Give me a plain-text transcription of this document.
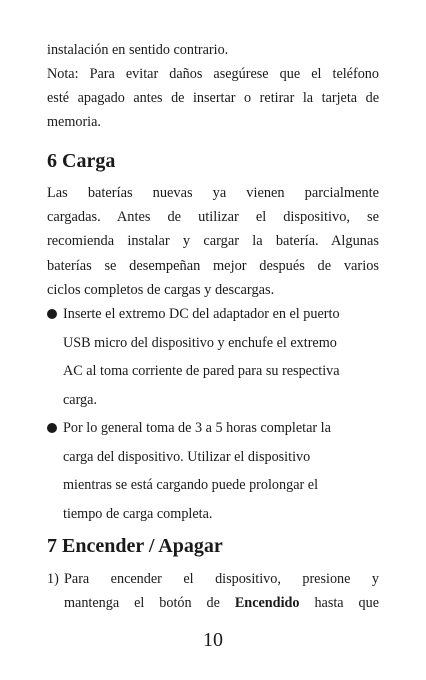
instalación en sentido contrario.
Nota: Para evitar daños asegúrese que el teléfono
esté apagado antes de insertar o retirar la tarjeta de
memoria.
6 Carga
Las baterías nuevas ya vienen parcialmente
cargadas. Antes de utilizar el dispositivo, se
recomienda instalar y cargar la batería. Algunas
baterías se desempeñan mejor después de varios
ciclos completos de cargas y descargas.
Inserte el extremo DC del adaptador en el puerto
USB micro del dispositivo y enchufe el extremo
AC al toma corriente de pared para su respectiva
carga.
Por lo general toma de 3 a 5 horas completar la
carga del dispositivo. Utilizar el dispositivo
mientras se está cargando puede prolongar el
tiempo de carga completa.
7 Encender / Apagar
1) Para encender el dispositivo, presione y
mantenga el botón de Encendido hasta que
10
